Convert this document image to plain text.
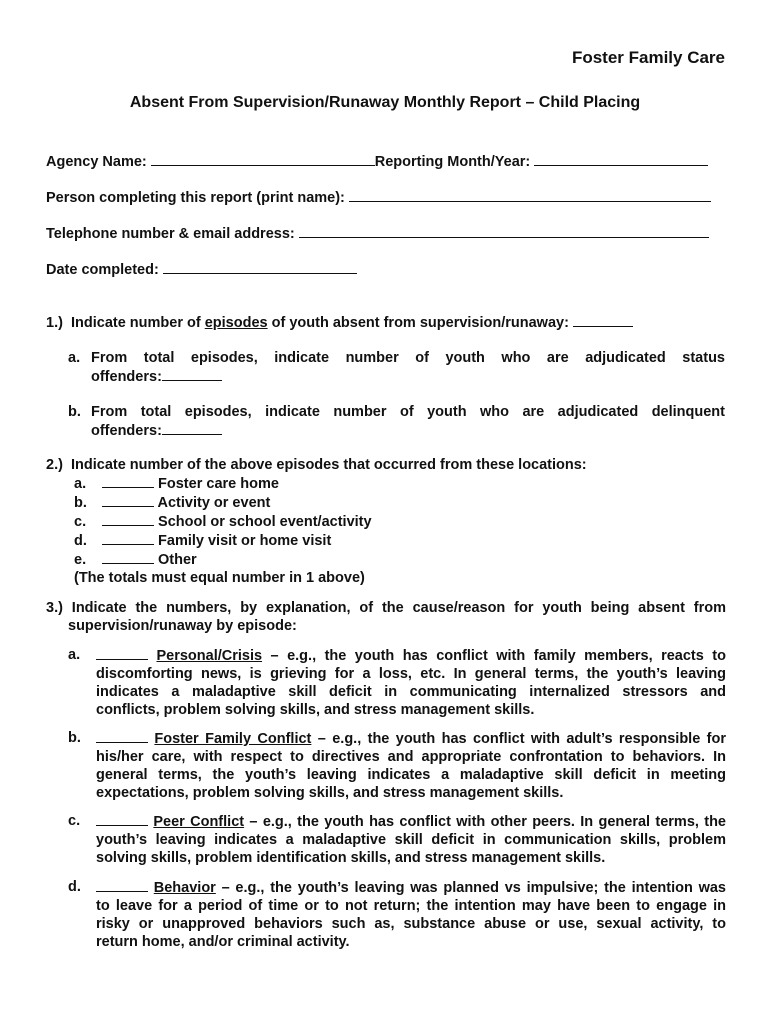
Foster Family Care
Absent From Supervision/Runaway Monthly Report – Child Placing
Agency Name:	Reporting Month/Year:
Person completing this report (print name):
Telephone number & email address:
Date completed:
1.) Indicate number of episodes of youth absent from supervision/runaway:
a. From total episodes, indicate number of youth who are adjudicated status
offenders:
b. From total episodes, indicate number of youth who are adjudicated delinquent
offenders:
2.) Indicate number of the above episodes that occurred from these locations:
a.	Foster care home
b.	Activity or event
c.	School or school event/activity
d.	Family visit or home visit
e.	Other
(The totals must equal number in 1 above)
3.) Indicate the numbers, by explanation, of the cause/reason for youth being absent from
supervision/runaway by episode:
a.	Personal/Crisis – e.g., the youth has conflict with family members, reacts to
discomforting news, is grieving for a loss, etc. In general terms, the youth’s leaving
indicates a maladaptive skill deficit in communicating internalized stressors and
conflicts, problem solving skills, and stress management skills.
b.	Foster Family Conflict – e.g., the youth has conflict with adult’s responsible for
his/her care, with respect to directives and appropriate confrontation to behaviors. In
general terms, the youth’s leaving indicates a maladaptive skill deficit in meeting
expectations, problem solving skills, and stress management skills.
c.	Peer Conflict – e.g., the youth has conflict with other peers. In general terms, the
youth’s leaving indicates a maladaptive skill deficit in communication skills, problem
solving skills, problem identification skills, and stress management skills.
d.	Behavior – e.g., the youth’s leaving was planned vs impulsive; the intention was
to leave for a period of time or to not return; the intention may have been to engage in
risky or unapproved behaviors such as, substance abuse or use, sexual activity, to
return home, and/or criminal activity.
